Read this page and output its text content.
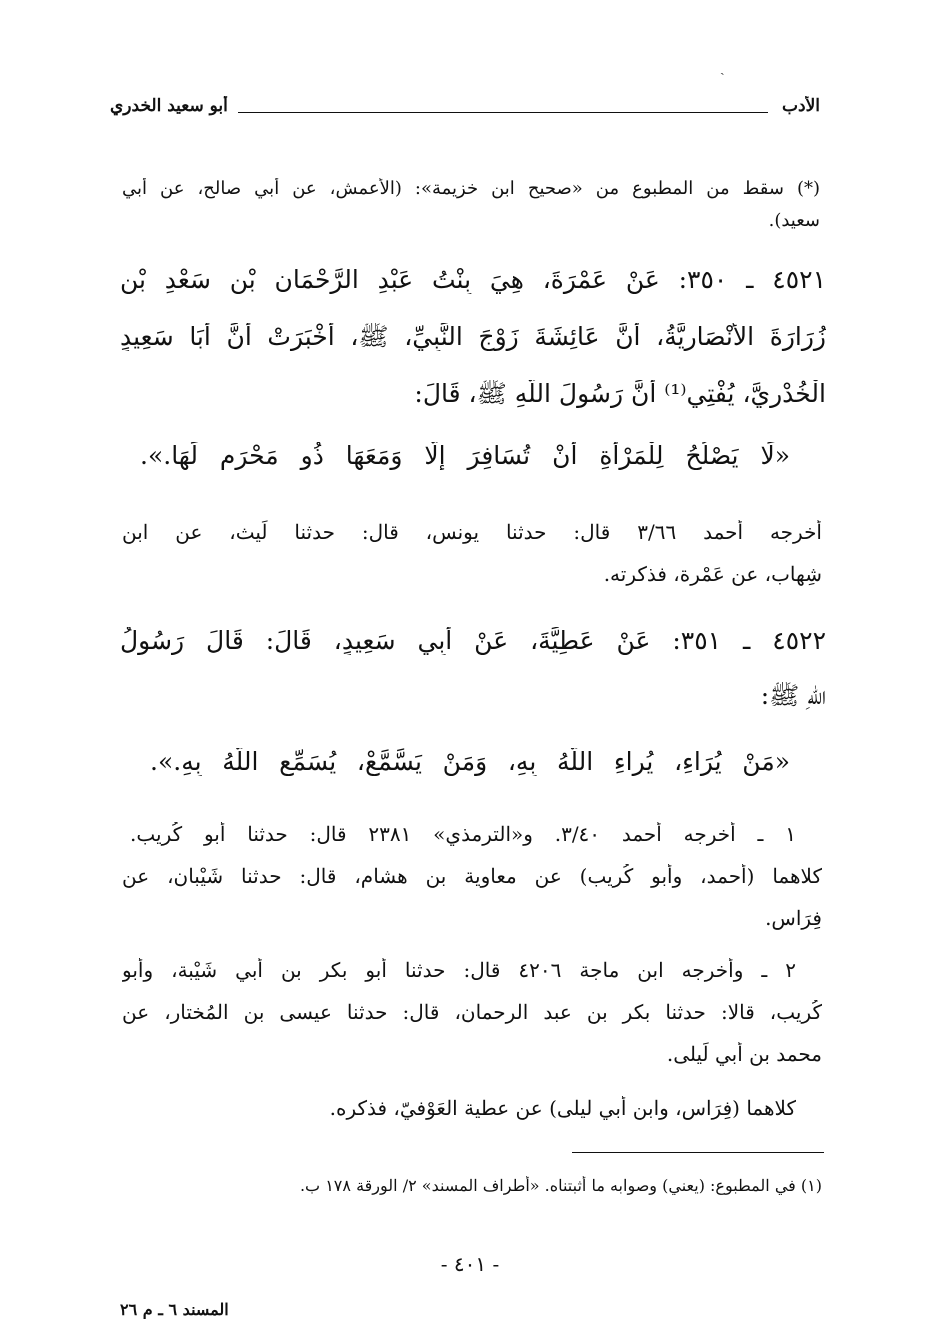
ˎ
الأدب
أبو سعيد الخدري
(*) سقط من المطبوع من «صحيح ابن خزيمة»: (الأعمش، عن أبي صالح، عن أبي
سعيد).
٤٥٢١ ـ ٣٥٠: عَنْ عَمْرَةَ، هِيَ بِنْتُ عَبْدِ الرَّحْمَانِ بْنِ سَعْدِ بْنِ
زُرَارَةَ الأَنْصَارِيَّةُ، أَنَّ عَائِشَةَ زَوْجَ النَّبِيِّ، ﷺ، أَخْبَرَتْ أَنَّ أَبَا سَعِيدٍ
الْخُدْرِيَّ، يُفْتِي⁽¹⁾ أَنَّ رَسُولَ اللّهِ ﷺ، قَالَ:
«لَا يَصْلُحُ لِلْمَرْأَةِ أَنْ تُسَافِرَ إِلَّا وَمَعَهَا ذُو مَحْرَمٍ لَهَا.».
أخرجه أحمد ٣/٦٦ قال: حدثنا يونس، قال: حدثنا لَيث، عن ابن
شِهاب، عن عَمْرة، فذكرته.
٤٥٢٢ ـ ٣٥١: عَنْ عَطِيَّةَ، عَنْ أَبِي سَعِيدٍ، قَالَ: قَالَ رَسُولُ
اللّهِ ﷺ:
«مَنْ يُرَاءِ، يُراءِ اللّهُ بِهِ، وَمَنْ يَسَّمَّعْ، يُسَمِّعِ اللّهُ بِهِ.».
١ ـ أخرجه أحمد ٣/٤٠. و«الترمذي» ٢٣٨١ قال: حدثنا أبو كُريب.
كلاهما (أحمد، وأبو كُريب) عن معاوية بن هشام، قال: حدثنا شَيْبان، عن
فِرَاس.
٢ ـ وأخرجه ابن ماجة ٤٢٠٦ قال: حدثنا أبو بكر بن أبي شَيْبة، وأبو
كُريب، قالا: حدثنا بكر بن عبد الرحمان، قال: حدثنا عيسى بن المُختار، عن
محمد بن أبي لَيلى.
كلاهما (فِرَاس، وابن أبي ليلى) عن عطية العَوْفيّ، فذكره.
(١) في المطبوع: (يعني) وصوابه ما أثبتناه. «أطراف المسند» ٢/ الورقة ١٧٨ ب.
- ٤٠١ -
المسند ٦ ـ م ٢٦
